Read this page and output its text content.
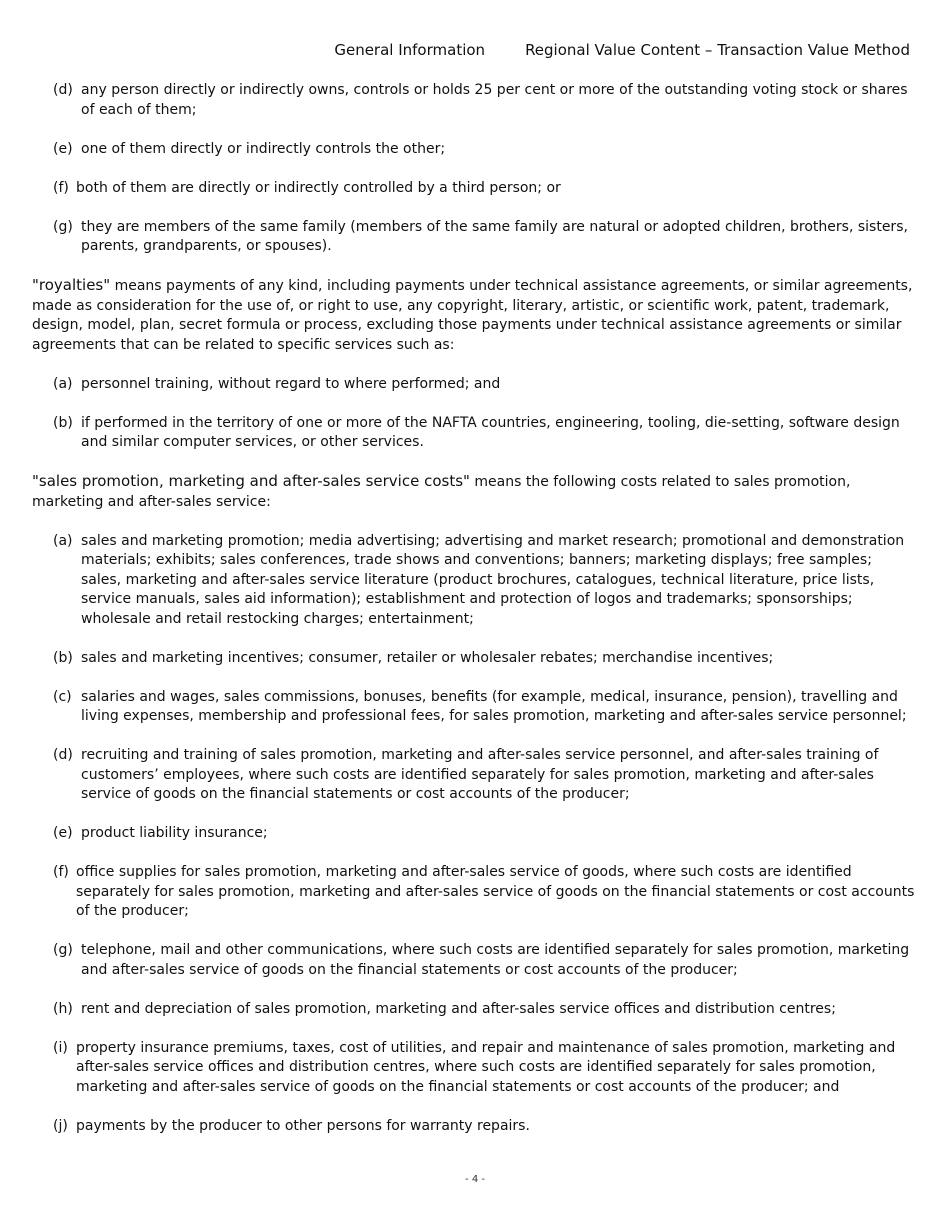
General Information	Regional Value Content – Transaction Value Method
(d) any person directly or indirectly owns, controls or holds 25 per cent or more of the outstanding voting stock or shares of each of them;
(e) one of them directly or indirectly controls the other;
(f) both of them are directly or indirectly controlled by a third person; or
(g) they are members of the same family (members of the same family are natural or adopted children, brothers, sisters, parents, grandparents, or spouses).

"royalties" means payments of any kind, including payments under technical assistance agreements, or similar agreements, made as consideration for the use of, or right to use, any copyright, literary, artistic, or scientific work, patent, trademark, design, model, plan, secret formula or process, excluding those payments under technical assistance agreements or similar agreements that can be related to specific services such as:

(a) personnel training, without regard to where performed; and
(b) if performed in the territory of one or more of the NAFTA countries, engineering, tooling, die-setting, software design and similar computer services, or other services.

"sales promotion, marketing and after-sales service costs" means the following costs related to sales promotion, marketing and after-sales service:

(a) sales and marketing promotion; media advertising; advertising and market research; promotional and demonstration materials; exhibits; sales conferences, trade shows and conventions; banners; marketing displays; free samples; sales, marketing and after-sales service literature (product brochures, catalogues, technical literature, price lists, service manuals, sales aid information); establishment and protection of logos and trademarks; sponsorships; wholesale and retail restocking charges; entertainment;
(b) sales and marketing incentives; consumer, retailer or wholesaler rebates; merchandise incentives;
(c) salaries and wages, sales commissions, bonuses, benefits (for example, medical, insurance, pension), travelling and living expenses, membership and professional fees, for sales promotion, marketing and after-sales service personnel;
(d) recruiting and training of sales promotion, marketing and after-sales service personnel, and after-sales training of customers’ employees, where such costs are identified separately for sales promotion, marketing and after-sales service of goods on the financial statements or cost accounts of the producer;
(e) product liability insurance;
(f) office supplies for sales promotion, marketing and after-sales service of goods, where such costs are identified separately for sales promotion, marketing and after-sales service of goods on the financial statements or cost accounts of the producer;
(g) telephone, mail and other communications, where such costs are identified separately for sales promotion, marketing and after-sales service of goods on the financial statements or cost accounts of the producer;
(h) rent and depreciation of sales promotion, marketing and after-sales service offices and distribution centres;
(i) property insurance premiums, taxes, cost of utilities, and repair and maintenance of sales promotion, marketing and after-sales service offices and distribution centres, where such costs are identified separately for sales promotion, marketing and after-sales service of goods on the financial statements or cost accounts of the producer; and
(j) payments by the producer to other persons for warranty repairs.
- 4 -
